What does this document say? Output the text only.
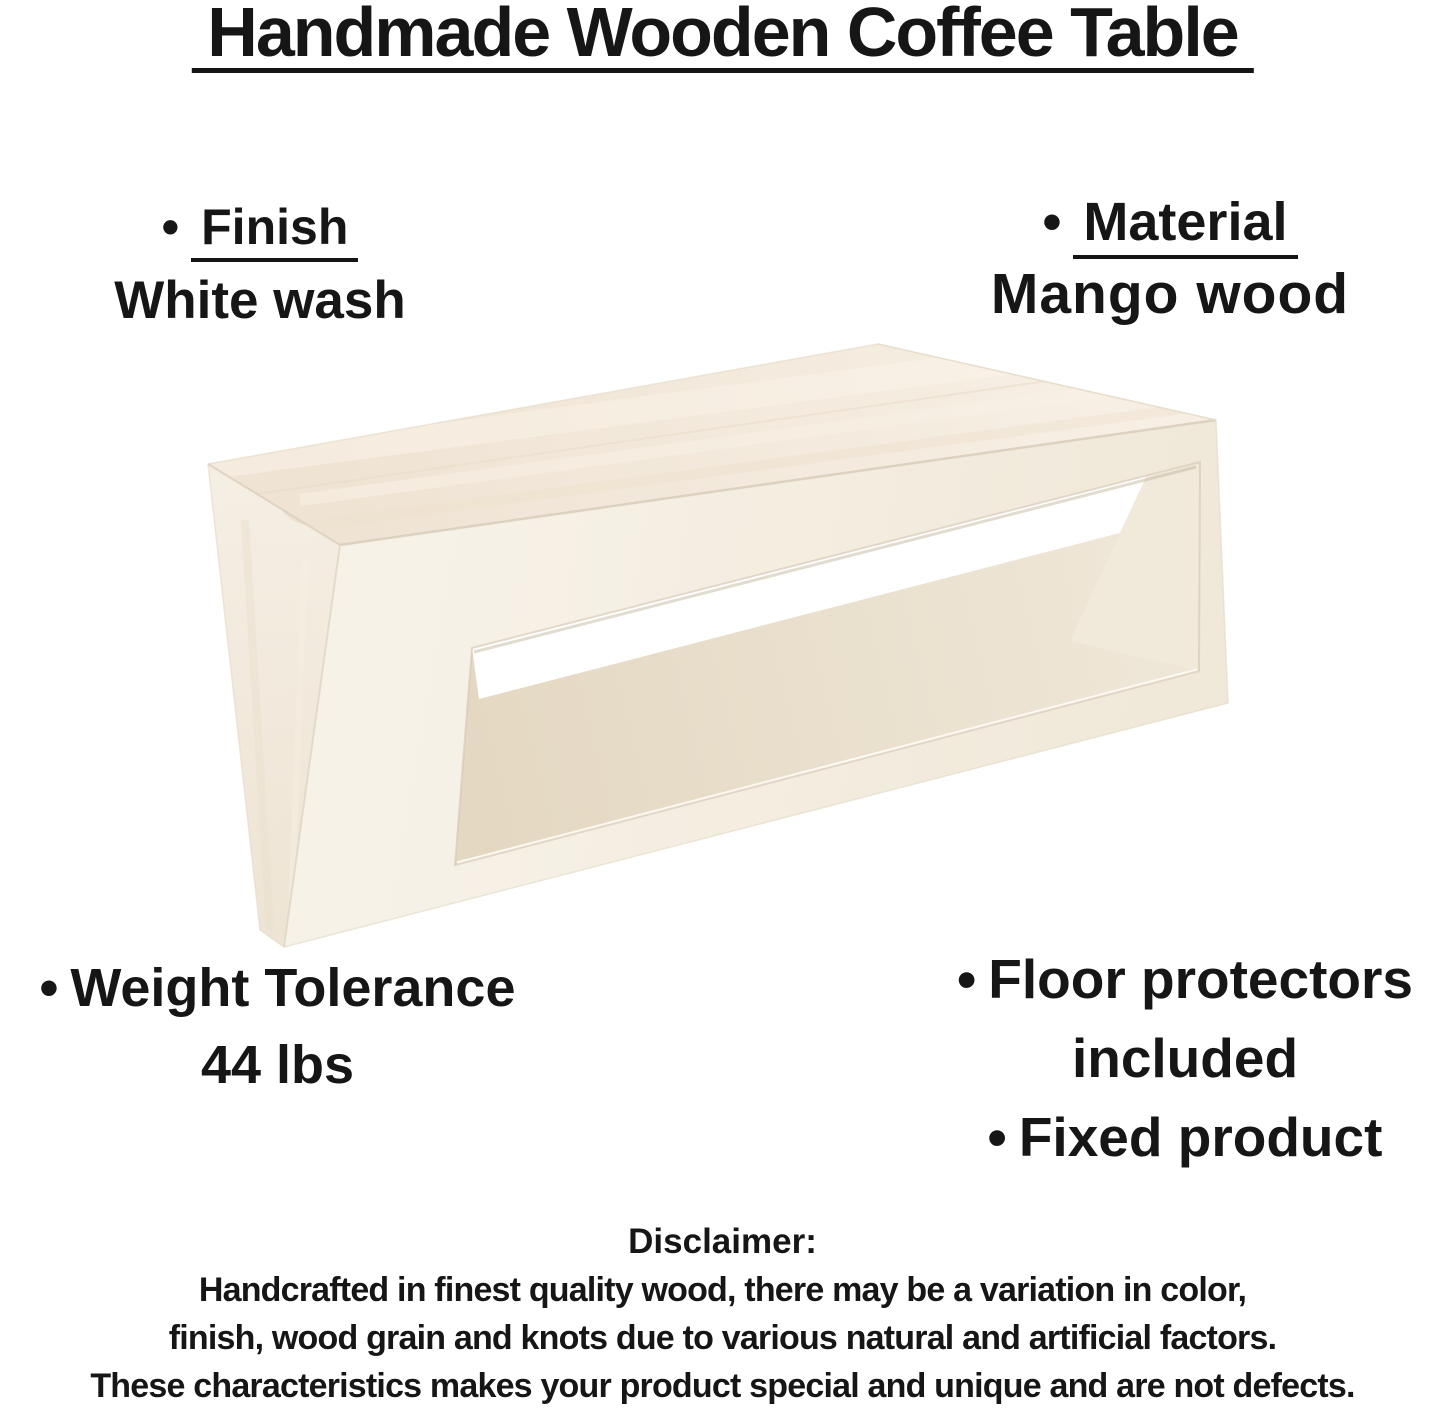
Handmade Wooden Coffee Table
• Finish
White wash
• Material
Mango wood
• Weight Tolerance
44 lbs
• Floor protectors
included
• Fixed product
Disclaimer:
Handcrafted in finest quality wood, there may be a variation in color,
finish, wood grain and knots due to various natural and artificial factors.
These characteristics makes your product special and unique and are not defects.
